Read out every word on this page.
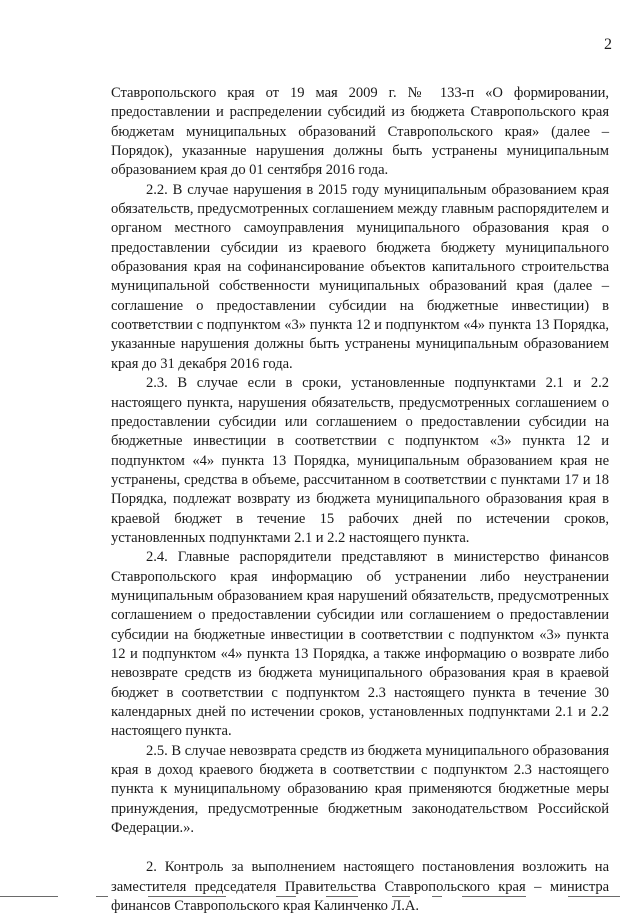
2

Ставропольского края от 19 мая 2009 г. № 133-п «О формировании, предоставлении и распределении субсидий из бюджета Ставропольского края бюджетам муниципальных образований Ставропольского края» (далее – Порядок), указанные нарушения должны быть устранены муниципальным образованием края до 01 сентября 2016 года.

2.2. В случае нарушения в 2015 году муниципальным образованием края обязательств, предусмотренных соглашением между главным распорядителем и органом местного самоуправления муниципального образования края о предоставлении субсидии из краевого бюджета бюджету муниципального образования края на софинансирование объектов капитального строительства муниципальной собственности муниципальных образований края (далее – соглашение о предоставлении субсидии на бюджетные инвестиции) в соответствии с подпунктом «3» пункта 12 и подпунктом «4» пункта 13 Порядка, указанные нарушения должны быть устранены муниципальным образованием края до 31 декабря 2016 года.

2.3. В случае если в сроки, установленные подпунктами 2.1 и 2.2 настоящего пункта, нарушения обязательств, предусмотренных соглашением о предоставлении субсидии или соглашением о предоставлении субсидии на бюджетные инвестиции в соответствии с подпунктом «3» пункта 12 и подпунктом «4» пункта 13 Порядка, муниципальным образованием края не устранены, средства в объеме, рассчитанном в соответствии с пунктами 17 и 18 Порядка, подлежат возврату из бюджета муниципального образования края в краевой бюджет в течение 15 рабочих дней по истечении сроков, установленных подпунктами 2.1 и 2.2 настоящего пункта.

2.4. Главные распорядители представляют в министерство финансов Ставропольского края информацию об устранении либо неустранении муниципальным образованием края нарушений обязательств, предусмотренных соглашением о предоставлении субсидии или соглашением о предоставлении субсидии на бюджетные инвестиции в соответствии с подпунктом «3» пункта 12 и подпунктом «4» пункта 13 Порядка, а также информацию о возврате либо невозврате средств из бюджета муниципального образования края в краевой бюджет в соответствии с подпунктом 2.3 настоящего пункта в течение 30 календарных дней по истечении сроков, установленных подпунктами 2.1 и 2.2 настоящего пункта.

2.5. В случае невозврата средств из бюджета муниципального образования края в доход краевого бюджета в соответствии с подпунктом 2.3 настоящего пункта к муниципальному образованию края применяются бюджетные меры принуждения, предусмотренные бюджетным законодательством Российской Федерации.».

2. Контроль за выполнением настоящего постановления возложить на заместителя председателя Правительства Ставропольского края – министра финансов Ставропольского края Калинченко Л.А.
